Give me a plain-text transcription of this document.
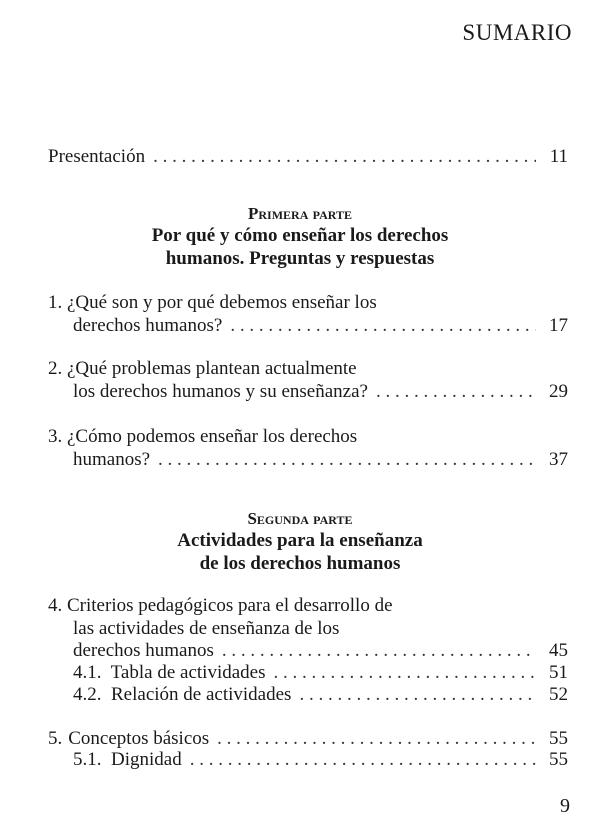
SUMARIO
Presentación . . .	11
Primera parte
Por qué y cómo enseñar los derechos
humanos. Preguntas y respuestas
1. ¿Qué son y por qué debemos enseñar los
derechos humanos? . . .	17
2. ¿Qué problemas plantean actualmente
los derechos humanos y su enseñanza? . . .	29
3. ¿Cómo podemos enseñar los derechos
humanos? . . .	37
Segunda parte
Actividades para la enseñanza
de los derechos humanos
4. Criterios pedagógicos para el desarrollo de
las actividades de enseñanza de los
derechos humanos . . .	45
4.1.  Tabla de actividades . . .	51
4.2.  Relación de actividades . . .	52
5. Conceptos básicos . . .	55
5.1.  Dignidad . . .	55
9
